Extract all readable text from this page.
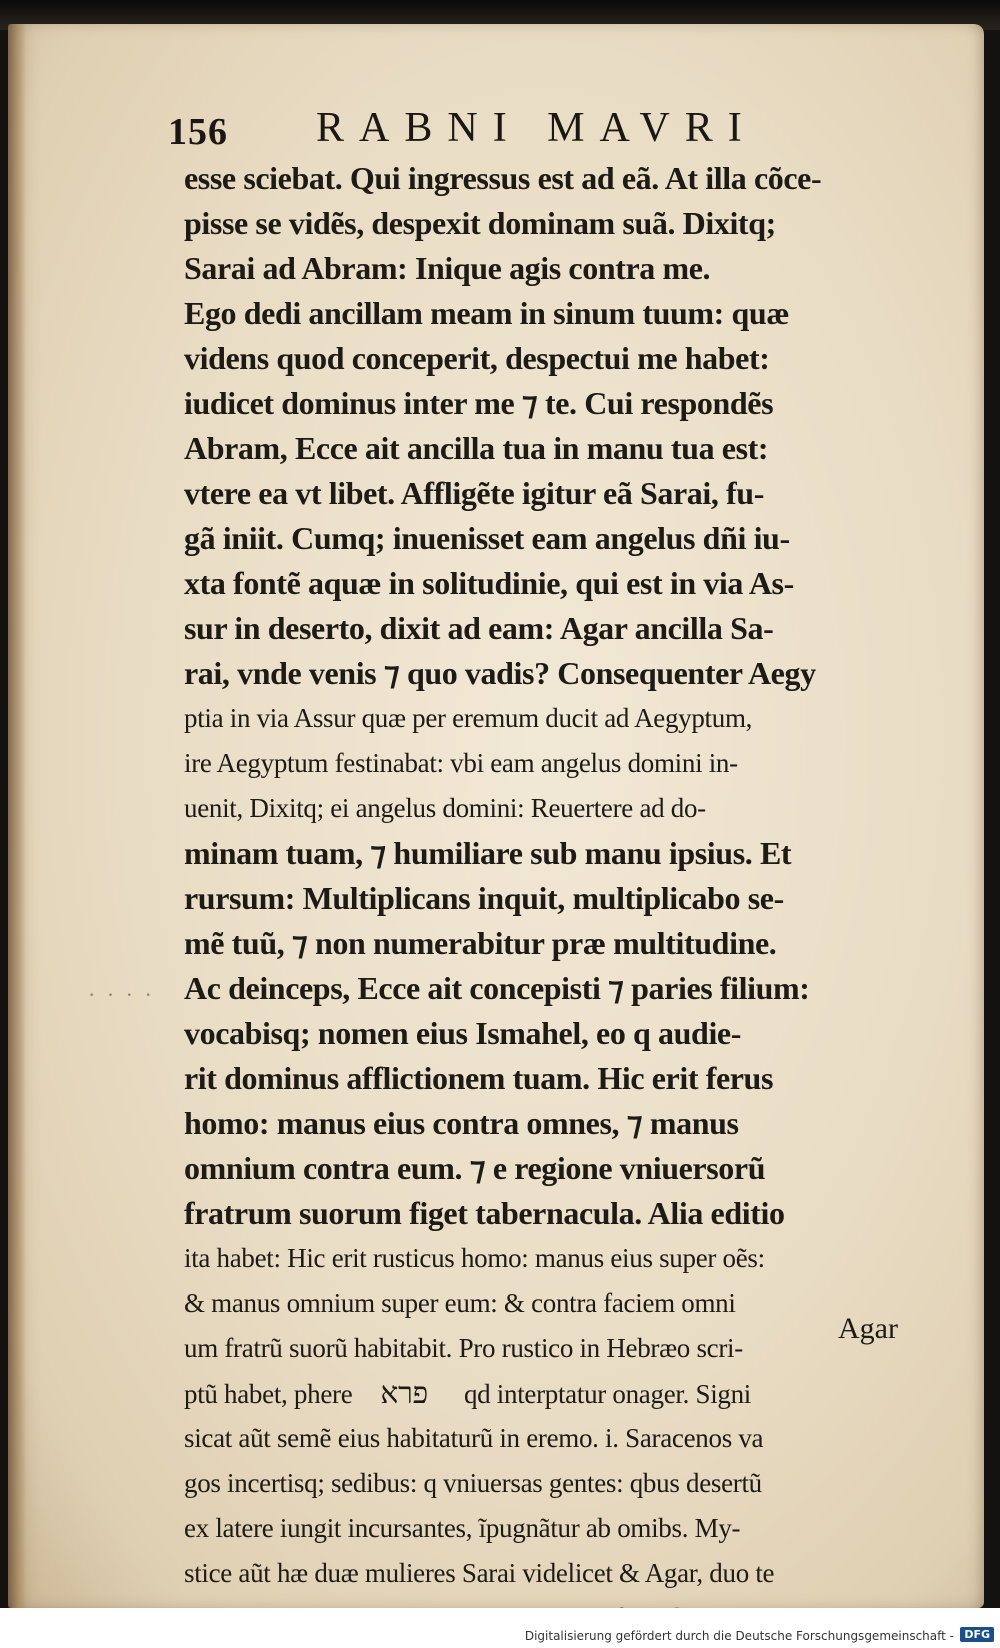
156 RABNI MAVRI
· · · ·
esse sciebat. Qui ingressus est ad eã. At illa cõce-
pisse se vidẽs, despexit dominam suã. Dixitq;
Sarai ad Abram: Inique agis contra me.
Ego dedi ancillam meam in sinum tuum: quæ
videns quod conceperit, despectui me habet:
iudicet dominus inter me ⁊ te. Cui respondẽs
Abram, Ecce ait ancilla tua in manu tua est:
vtere ea vt libet. Affligẽte igitur eã Sarai, fu-
gã iniit. Cumq; inuenisset eam angelus dñi iu-
xta fontẽ aquæ in solitudinie, qui est in via As-
sur in deserto, dixit ad eam: Agar ancilla Sa-
rai, vnde venis ⁊ quo vadis? Consequenter Aegy
ptia in via Assur quæ per eremum ducit ad Aegyptum,
ire Aegyptum festinabat: vbi eam angelus domini in-
uenit, Dixitq; ei angelus domini: Reuertere ad do-
minam tuam, ⁊ humiliare sub manu ipsius. Et
rursum: Multiplicans inquit, multiplicabo se-
mẽ tuũ, ⁊ non numerabitur præ multitudine.
Ac deinceps, Ecce ait concepisti ⁊ paries filium:
vocabisq; nomen eius Ismahel, eo q audie-
rit dominus afflictionem tuam. Hic erit ferus
homo: manus eius contra omnes, ⁊ manus
omnium contra eum. ⁊ e regione vniuersorũ
fratrum suorum figet tabernacula. Alia editio
ita habet: Hic erit rusticus homo: manus eius super oẽs:
& manus omnium super eum: & contra faciem omni
um fratrũ suorũ habitabit. Pro rustico in Hebræo scri-
ptũ habet, phere פרא qd interptatur onager. Signi
sicat aũt semẽ eius habitaturũ in eremo. i. Saracenos va
gos incertisq; sedibus: q vniuersas gentes: qbus desertũ
ex latere iungit incursantes, ĩpugnãtur ab omibs. My-
stice aũt hæ duæ mulieres Sarai videlicet & Agar, duo te
Agar
Digitalisierung gefördert durch die Deutsche Forschungsgemeinschaft - DFG
